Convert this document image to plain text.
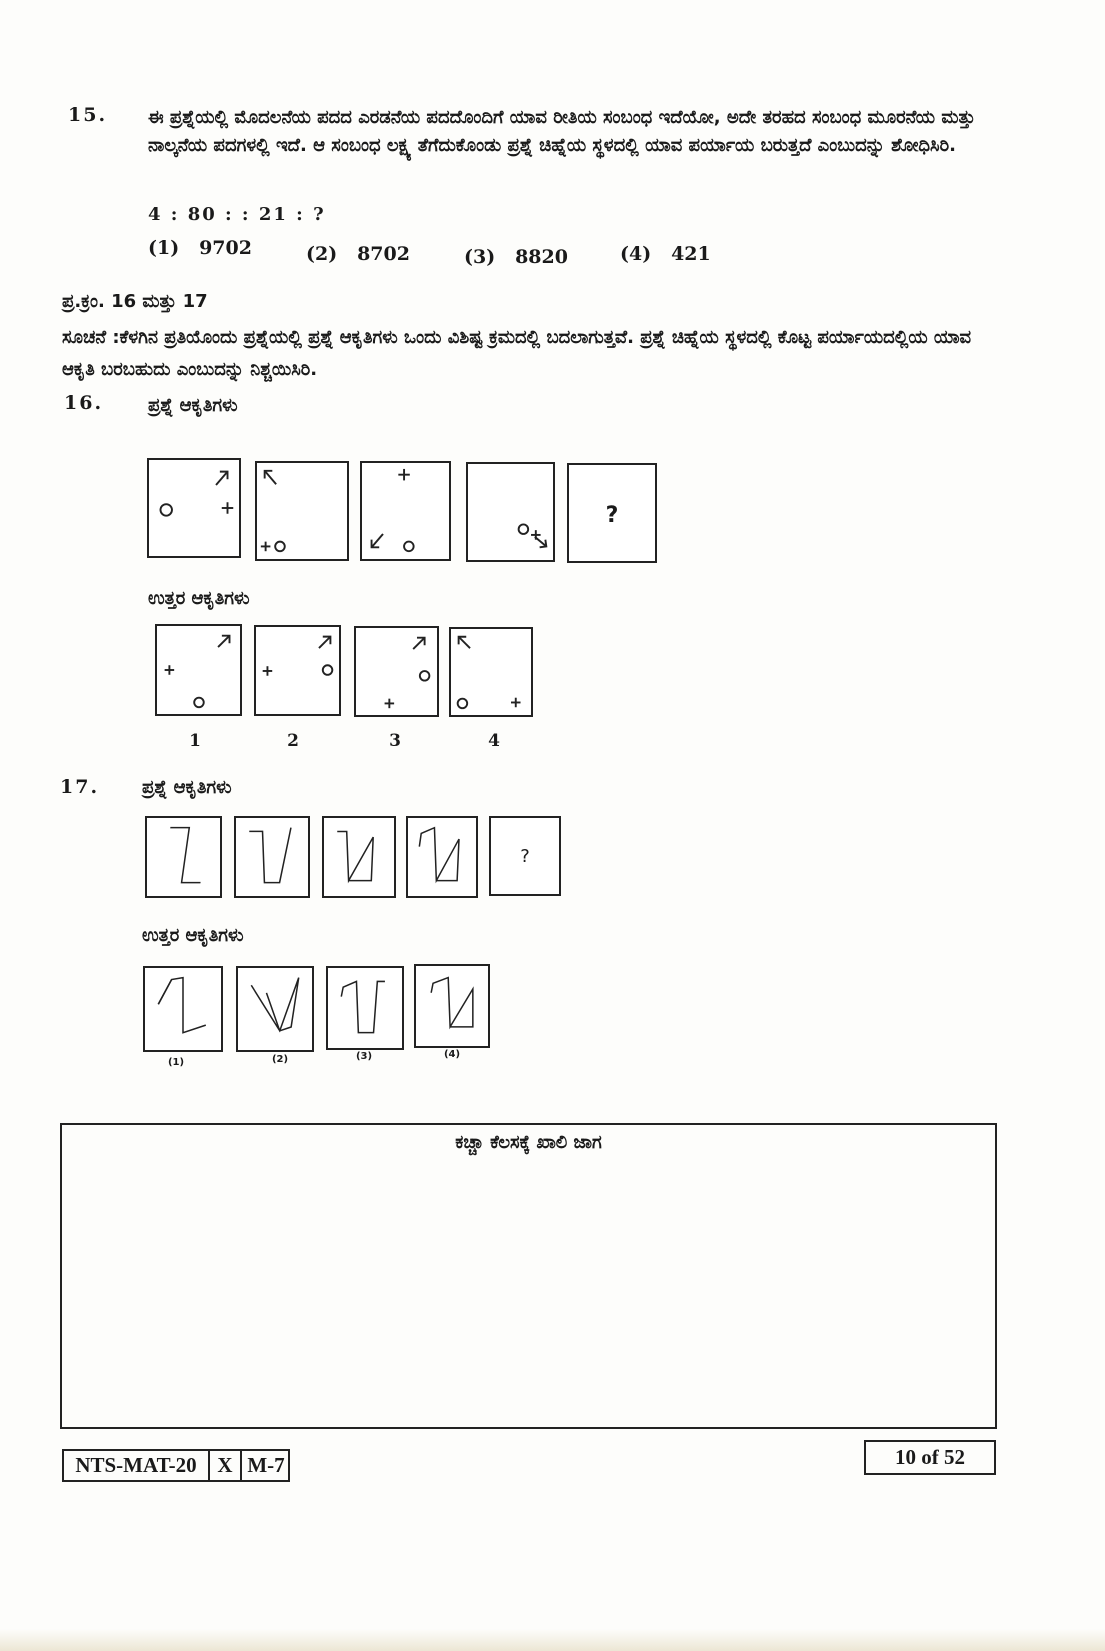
15. ಈ ಪ್ರಶ್ನೆಯಲ್ಲಿ ಮೊದಲನೆಯ ಪದದ ಎರಡನೆಯ ಪದದೊಂದಿಗೆ ಯಾವ ರೀತಿಯ ಸಂಬಂಧ ಇದೆಯೋ, ಅದೇ ತರಹದ ಸಂಬಂಧ ಮೂರನೆಯ ಮತ್ತು ನಾಲ್ಕನೆಯ ಪದಗಳಲ್ಲಿ ಇದೆ. ಆ ಸಂಬಂಧ ಲಕ್ಷ್ಯ ತೆಗೆದುಕೊಂಡು ಪ್ರಶ್ನೆ ಚಿಹ್ನೆಯ ಸ್ಥಳದಲ್ಲಿ ಯಾವ ಪರ್ಯಾಯ ಬರುತ್ತದೆ ಎಂಬುದನ್ನು ಶೋಧಿಸಿರಿ.
4 : 80 : : 21 : ?
(1) 9702	(2) 8702	(3) 8820	(4) 421
ಪ್ರ.ಕ್ರಂ. 16 ಮತ್ತು 17
ಸೂಚನೆ :ಕೆಳಗಿನ ಪ್ರತಿಯೊಂದು ಪ್ರಶ್ನೆಯಲ್ಲಿ ಪ್ರಶ್ನೆ ಆಕೃತಿಗಳು ಒಂದು ವಿಶಿಷ್ಟ ಕ್ರಮದಲ್ಲಿ ಬದಲಾಗುತ್ತವೆ. ಪ್ರಶ್ನೆ ಚಿಹ್ನೆಯ ಸ್ಥಳದಲ್ಲಿ ಕೊಟ್ಟ ಪರ್ಯಾಯದಲ್ಲಿಯ ಯಾವ ಆಕೃತಿ ಬರಬಹುದು ಎಂಬುದನ್ನು ನಿಶ್ಚಯಿಸಿರಿ.
16. ಪ್ರಶ್ನೆ ಆಕೃತಿಗಳು
?
ಉತ್ತರ ಆಕೃತಿಗಳು
1	2	3	4
17. ಪ್ರಶ್ನೆ ಆಕೃತಿಗಳು
?
ಉತ್ತರ ಆಕೃತಿಗಳು
(1)	(2)	(3)	(4)
ಕಚ್ಚಾ ಕೆಲಸಕ್ಕೆ ಖಾಲಿ ಜಾಗ
NTS-MAT-20 X M-7	10 of 52
